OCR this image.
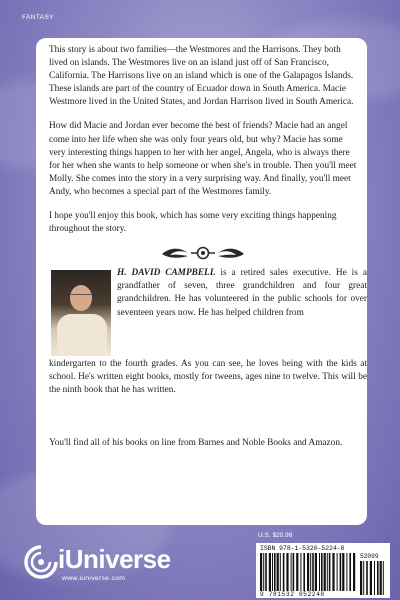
FANTASY

This story is about two families—the Westmores and the Harrisons. They both lived on islands. The Westmores live on an island just off of San Francisco, California. The Harrisons live on an island which is one of the Galapagos Islands. These islands are part of the country of Ecuador down in South America. Macie Westmore lived in the United States, and Jordan Harrison lived in South America.

How did Macie and Jordan ever become the best of friends? Macie had an angel come into her life when she was only four years old, but why? Macie has some very interesting things happen to her with her angel, Angela, who is always there for her when she wants to help someone or when she's in trouble. Then you'll meet Molly. She comes into the story in a very surprising way. And finally, you'll meet Andy, who becomes a special part of the Westmores family.

I hope you'll enjoy this book, which has some very exciting things happening throughout the story.

H. DAVID CAMPBELL is a retired sales executive. He is a grandfather of seven, three grandchildren and four great grandchildren. He has volunteered in the public schools for over seventeen years now. He has helped children from
kindergarten to the fourth grades. As you can see, he loves being with the kids at school. He's written eight books, mostly for tweens, ages nine to twelve. This will be the ninth book that he has written.

You'll find all of his books on line from Barnes and Noble Books and Amazon.

U.S. $20.99
ISBN 978-1-5320-5224-8
9 781532 052248
52099
iUniverse
www.iuniverse.com
